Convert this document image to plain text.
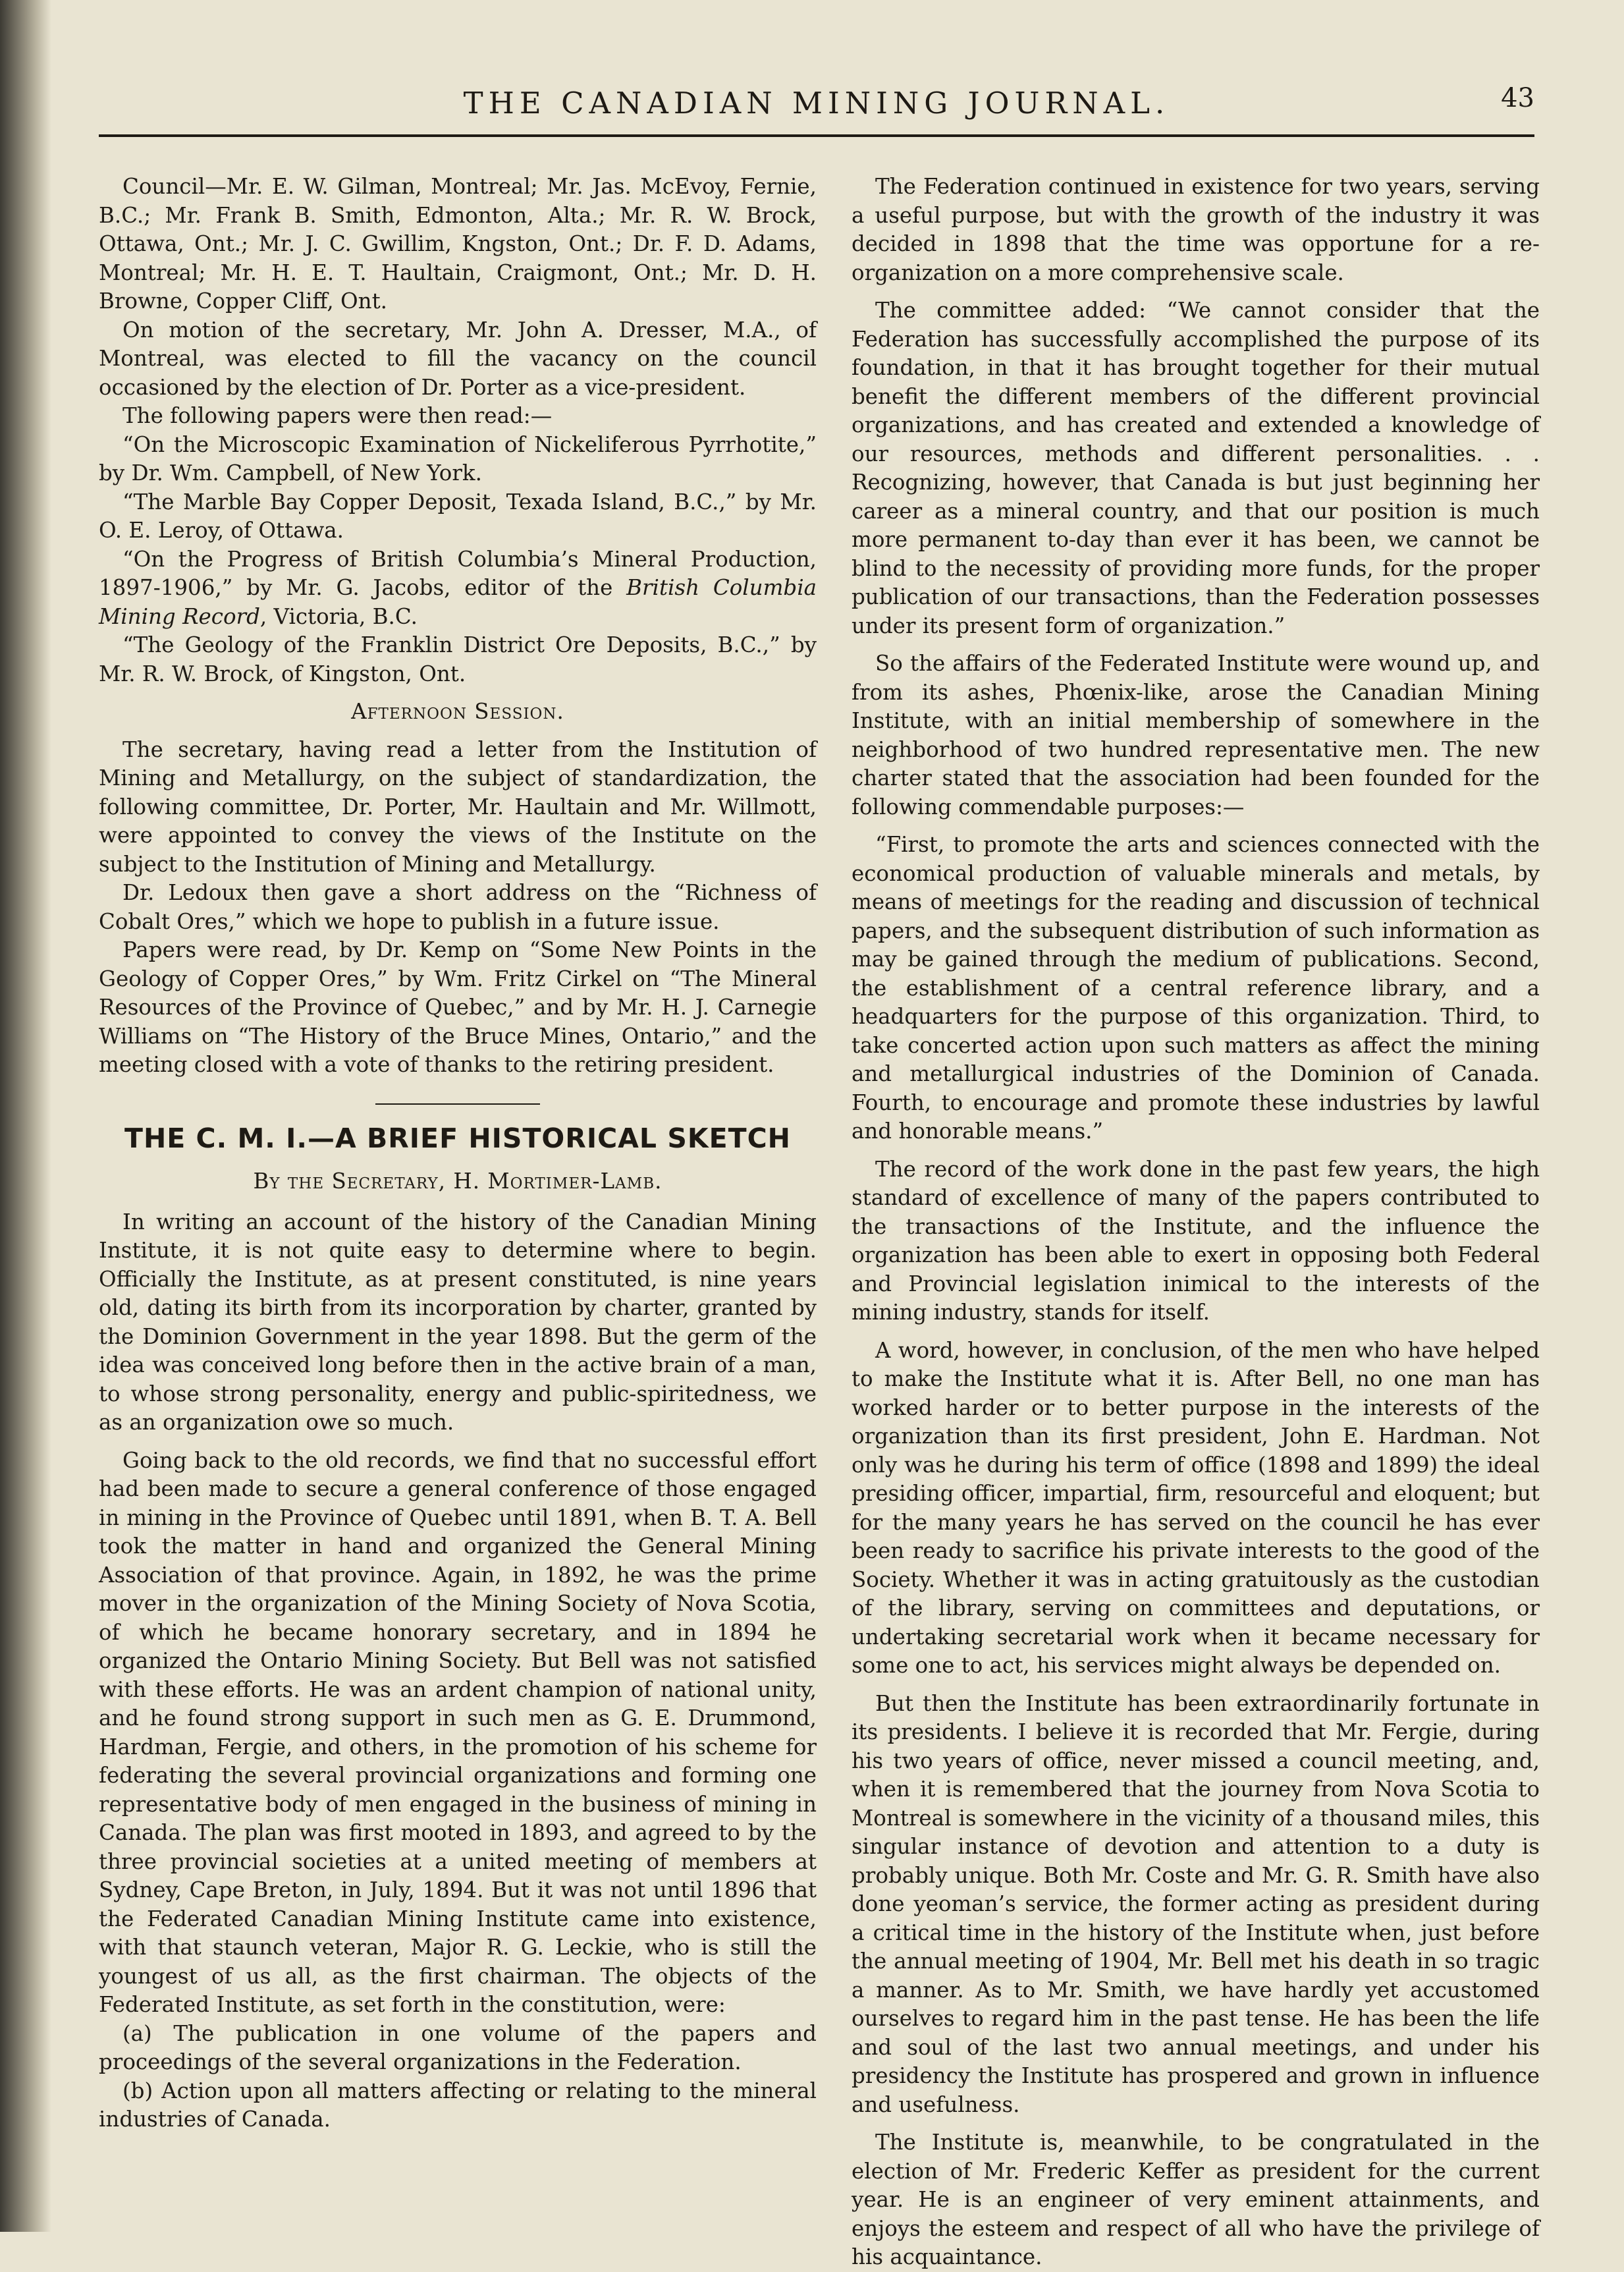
THE CANADIAN MINING JOURNAL.	43

Council—Mr. E. W. Gilman, Montreal; Mr. Jas. McEvoy, Fernie, B.C.; Mr. Frank B. Smith, Edmonton, Alta.; Mr. R. W. Brock, Ottawa, Ont.; Mr. J. C. Gwillim, Kngston, Ont.; Dr. F. D. Adams, Montreal; Mr. H. E. T. Haultain, Craigmont, Ont.; Mr. D. H. Browne, Copper Cliff, Ont.

On motion of the secretary, Mr. John A. Dresser, M.A., of Montreal, was elected to fill the vacancy on the council occasioned by the election of Dr. Porter as a vice-president.

The following papers were then read:—

“On the Microscopic Examination of Nickeliferous Pyrrhotite,” by Dr. Wm. Campbell, of New York.

“The Marble Bay Copper Deposit, Texada Island, B.C.,” by Mr. O. E. Leroy, of Ottawa.

“On the Progress of British Columbia’s Mineral Production, 1897-1906,” by Mr. G. Jacobs, editor of the British Columbia Mining Record, Victoria, B.C.

“The Geology of the Franklin District Ore Deposits, B.C.,” by Mr. R. W. Brock, of Kingston, Ont.

Afternoon Session.

The secretary, having read a letter from the Institution of Mining and Metallurgy, on the subject of standardization, the following committee, Dr. Porter, Mr. Haultain and Mr. Willmott, were appointed to convey the views of the Institute on the subject to the Institution of Mining and Metallurgy.

Dr. Ledoux then gave a short address on the “Richness of Cobalt Ores,” which we hope to publish in a future issue.

Papers were read, by Dr. Kemp on “Some New Points in the Geology of Copper Ores,” by Wm. Fritz Cirkel on “The Mineral Resources of the Province of Quebec,” and by Mr. H. J. Carnegie Williams on “The History of the Bruce Mines, Ontario,” and the meeting closed with a vote of thanks to the retiring president.

THE C. M. I.—A BRIEF HISTORICAL SKETCH
By the Secretary, H. Mortimer-Lamb.

In writing an account of the history of the Canadian Mining Institute, it is not quite easy to determine where to begin. Officially the Institute, as at present constituted, is nine years old, dating its birth from its incorporation by charter, granted by the Dominion Government in the year 1898. But the germ of the idea was conceived long before then in the active brain of a man, to whose strong personality, energy and public-spiritedness, we as an organization owe so much.

Going back to the old records, we find that no successful effort had been made to secure a general conference of those engaged in mining in the Province of Quebec until 1891, when B. T. A. Bell took the matter in hand and organized the General Mining Association of that province. Again, in 1892, he was the prime mover in the organization of the Mining Society of Nova Scotia, of which he became honorary secretary, and in 1894 he organized the Ontario Mining Society. But Bell was not satisfied with these efforts. He was an ardent champion of national unity, and he found strong support in such men as G. E. Drummond, Hardman, Fergie, and others, in the promotion of his scheme for federating the several provincial organizations and forming one representative body of men engaged in the business of mining in Canada. The plan was first mooted in 1893, and agreed to by the three provincial societies at a united meeting of members at Sydney, Cape Breton, in July, 1894. But it was not until 1896 that the Federated Canadian Mining Institute came into existence, with that staunch veteran, Major R. G. Leckie, who is still the youngest of us all, as the first chairman. The objects of the Federated Institute, as set forth in the constitution, were:

(a) The publication in one volume of the papers and proceedings of the several organizations in the Federation.

(b) Action upon all matters affecting or relating to the mineral industries of Canada.

The Federation continued in existence for two years, serving a useful purpose, but with the growth of the industry it was decided in 1898 that the time was opportune for a re-organization on a more comprehensive scale.

The committee added: “We cannot consider that the Federation has successfully accomplished the purpose of its foundation, in that it has brought together for their mutual benefit the different members of the different provincial organizations, and has created and extended a knowledge of our resources, methods and different personalities. . . Recognizing, however, that Canada is but just beginning her career as a mineral country, and that our position is much more permanent to-day than ever it has been, we cannot be blind to the necessity of providing more funds, for the proper publication of our transactions, than the Federation possesses under its present form of organization.”

So the affairs of the Federated Institute were wound up, and from its ashes, Phœnix-like, arose the Canadian Mining Institute, with an initial membership of somewhere in the neighborhood of two hundred representative men. The new charter stated that the association had been founded for the following commendable purposes:—

“First, to promote the arts and sciences connected with the economical production of valuable minerals and metals, by means of meetings for the reading and discussion of technical papers, and the subsequent distribution of such information as may be gained through the medium of publications. Second, the establishment of a central reference library, and a headquarters for the purpose of this organization. Third, to take concerted action upon such matters as affect the mining and metallurgical industries of the Dominion of Canada. Fourth, to encourage and promote these industries by lawful and honorable means.”

The record of the work done in the past few years, the high standard of excellence of many of the papers contributed to the transactions of the Institute, and the influence the organization has been able to exert in opposing both Federal and Provincial legislation inimical to the interests of the mining industry, stands for itself.

A word, however, in conclusion, of the men who have helped to make the Institute what it is. After Bell, no one man has worked harder or to better purpose in the interests of the organization than its first president, John E. Hardman. Not only was he during his term of office (1898 and 1899) the ideal presiding officer, impartial, firm, resourceful and eloquent; but for the many years he has served on the council he has ever been ready to sacrifice his private interests to the good of the Society. Whether it was in acting gratuitously as the custodian of the library, serving on committees and deputations, or undertaking secretarial work when it became necessary for some one to act, his services might always be depended on.

But then the Institute has been extraordinarily fortunate in its presidents. I believe it is recorded that Mr. Fergie, during his two years of office, never missed a council meeting, and, when it is remembered that the journey from Nova Scotia to Montreal is somewhere in the vicinity of a thousand miles, this singular instance of devotion and attention to a duty is probably unique. Both Mr. Coste and Mr. G. R. Smith have also done yeoman’s service, the former acting as president during a critical time in the history of the Institute when, just before the annual meeting of 1904, Mr. Bell met his death in so tragic a manner. As to Mr. Smith, we have hardly yet accustomed ourselves to regard him in the past tense. He has been the life and soul of the last two annual meetings, and under his presidency the Institute has prospered and grown in influence and usefulness.

The Institute is, meanwhile, to be congratulated in the election of Mr. Frederic Keffer as president for the current year. He is an engineer of very eminent attainments, and enjoys the esteem and respect of all who have the privilege of his acquaintance.
